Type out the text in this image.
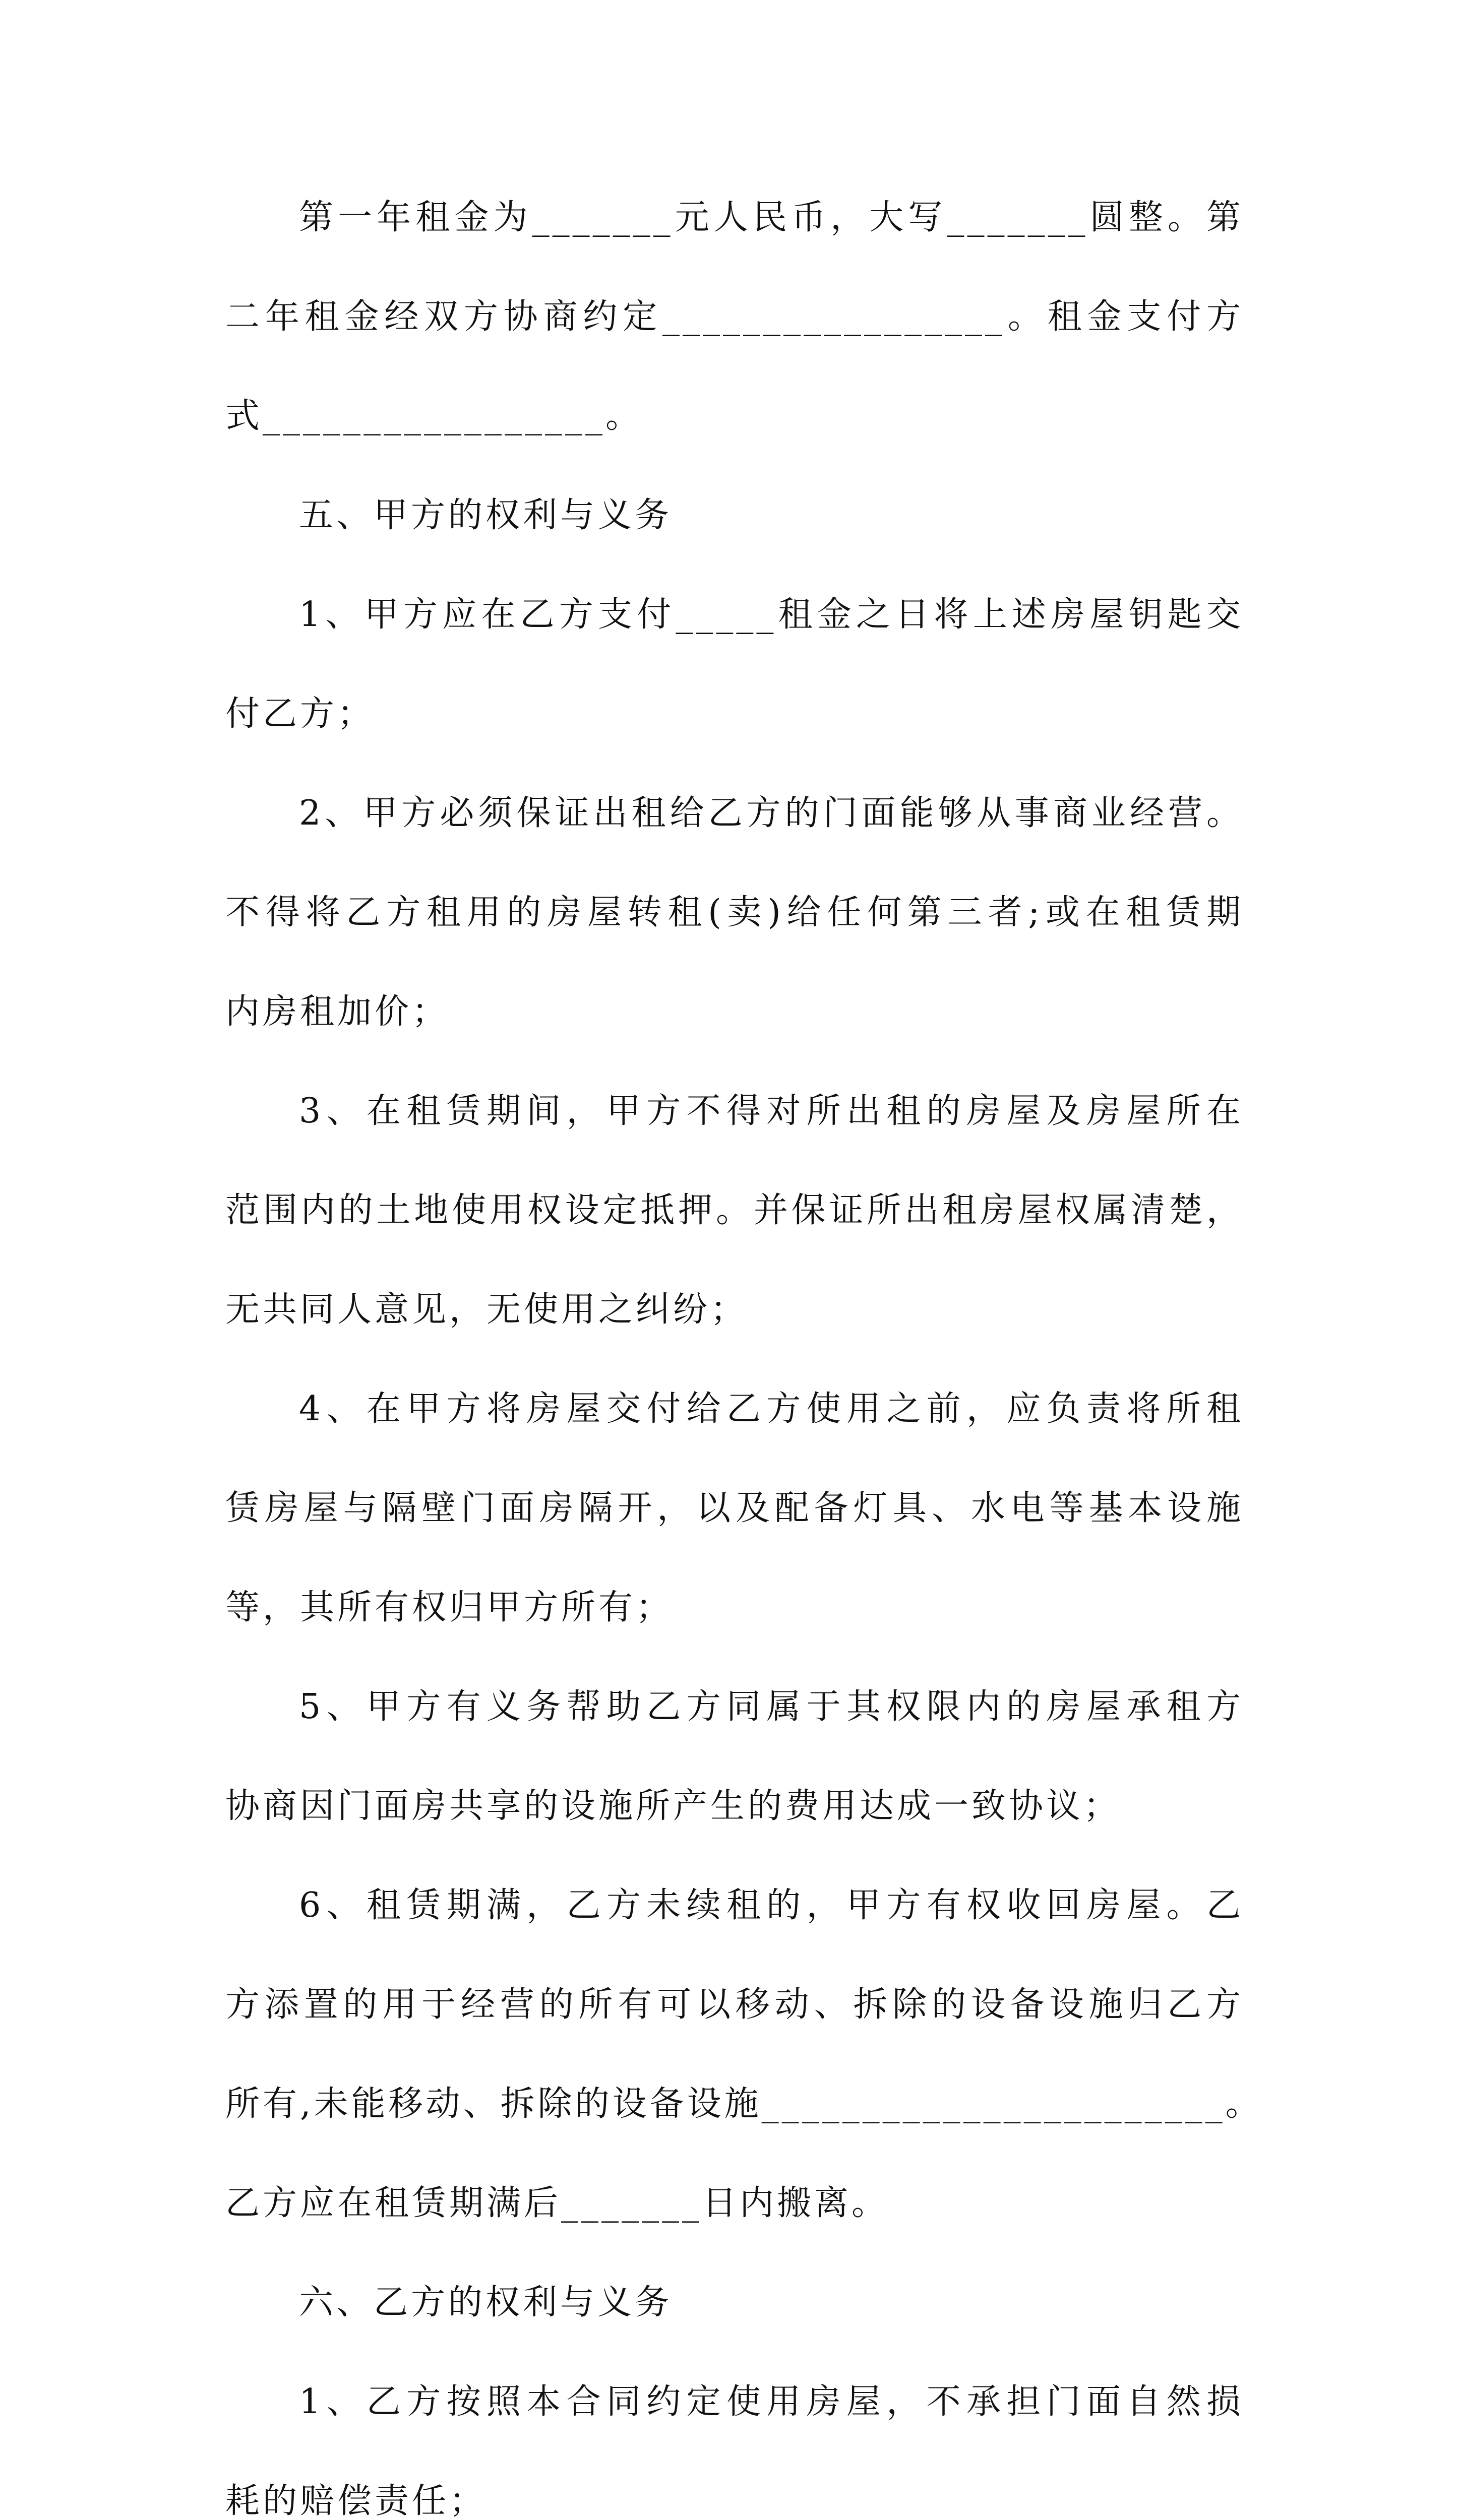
第一年租金为_______元人民币，大写_______圆整。第
二年租金经双方协商约定_________________。租金支付方
式_________________。
五、甲方的权利与义务
1、甲方应在乙方支付_____租金之日将上述房屋钥匙交
付乙方；
2、甲方必须保证出租给乙方的门面能够从事商业经营。
不得将乙方租用的房屋转租(卖)给任何第三者;或在租赁期
内房租加价；
3、在租赁期间，甲方不得对所出租的房屋及房屋所在
范围内的土地使用权设定抵押。并保证所出租房屋权属清楚，
无共同人意见，无使用之纠纷；
4、在甲方将房屋交付给乙方使用之前，应负责将所租
赁房屋与隔壁门面房隔开，以及配备灯具、水电等基本设施
等，其所有权归甲方所有；
5、甲方有义务帮助乙方同属于其权限内的房屋承租方
协商因门面房共享的设施所产生的费用达成一致协议；
6、租赁期满，乙方未续租的，甲方有权收回房屋。乙
方添置的用于经营的所有可以移动、拆除的设备设施归乙方
所有,未能移动、拆除的设备设施_______________________。
乙方应在租赁期满后_______日内搬离。
六、乙方的权利与义务
1、乙方按照本合同约定使用房屋，不承担门面自然损
耗的赔偿责任；
